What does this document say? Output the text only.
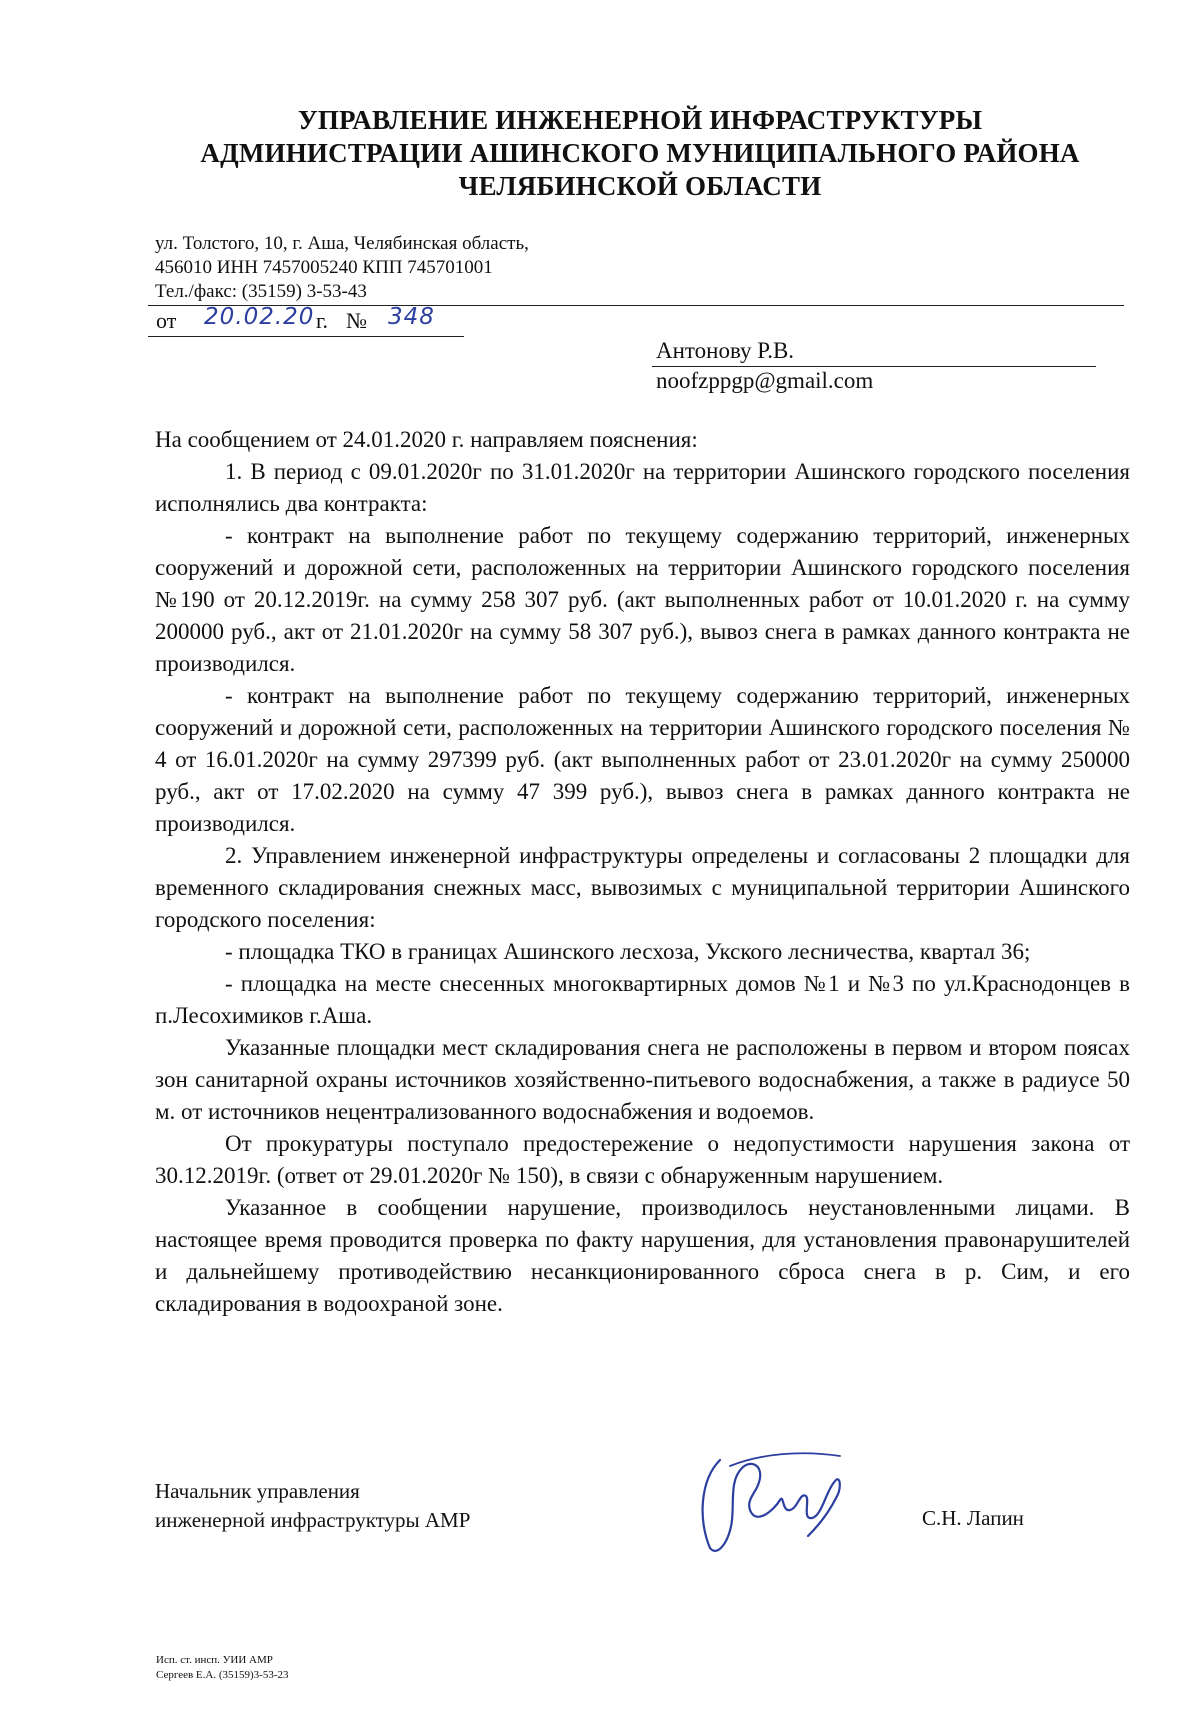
УПРАВЛЕНИЕ ИНЖЕНЕРНОЙ ИНФРАСТРУКТУРЫ
АДМИНИСТРАЦИИ АШИНСКОГО МУНИЦИПАЛЬНОГО РАЙОНА
ЧЕЛЯБИНСКОЙ ОБЛАСТИ
ул. Толстого, 10, г. Аша, Челябинская область,
456010 ИНН 7457005240 КПП 745701001
Тел./факс: (35159) 3-53-43
от 20.02.20 г. № 348
Антонову Р.В.
noofzppgp@gmail.com

На сообщением от 24.01.2020 г. направляем пояснения:

1. В период с 09.01.2020г по 31.01.2020г на территории Ашинского городского поселения исполнялись два контракта:

- контракт на выполнение работ по текущему содержанию территорий, инженерных сооружений и дорожной сети, расположенных на территории Ашинского городского поселения №190 от 20.12.2019г. на сумму 258 307 руб. (акт выполненных работ от 10.01.2020 г. на сумму 200000 руб., акт от 21.01.2020г на сумму 58 307 руб.), вывоз снега в рамках данного контракта не производился.

- контракт на выполнение работ по текущему содержанию территорий, инженерных сооружений и дорожной сети, расположенных на территории Ашинского городского поселения № 4 от 16.01.2020г на сумму 297399 руб. (акт выполненных работ от 23.01.2020г на сумму 250000 руб., акт от 17.02.2020 на сумму 47 399 руб.), вывоз снега в рамках данного контракта не производился.

2. Управлением инженерной инфраструктуры определены и согласованы 2 площадки для временного складирования снежных масс, вывозимых с муниципальной территории Ашинского городского поселения:

- площадка ТКО в границах Ашинского лесхоза, Укского лесничества, квартал 36;

- площадка на месте снесенных многоквартирных домов №1 и №3 по ул.Краснодонцев в п.Лесохимиков г.Аша.

Указанные площадки мест складирования снега не расположены в первом и втором поясах зон санитарной охраны источников хозяйственно-питьевого водоснабжения, а также в радиусе 50 м. от источников нецентрализованного водоснабжения и водоемов.

От прокуратуры поступало предостережение о недопустимости нарушения закона от 30.12.2019г. (ответ от 29.01.2020г № 150), в связи с обнаруженным нарушением.

Указанное в сообщении нарушение, производилось неустановленными лицами. В настоящее время проводится проверка по факту нарушения, для установления правонарушителей и дальнейшему противодействию несанкционированного сброса снега в р. Сим, и его складирования в водоохраной зоне.

Начальник управления
инженерной инфраструктуры АМР	С.Н. Лапин
Исп. ст. инсп. УИИ АМР
Сергеев Е.А. (35159)3-53-23
